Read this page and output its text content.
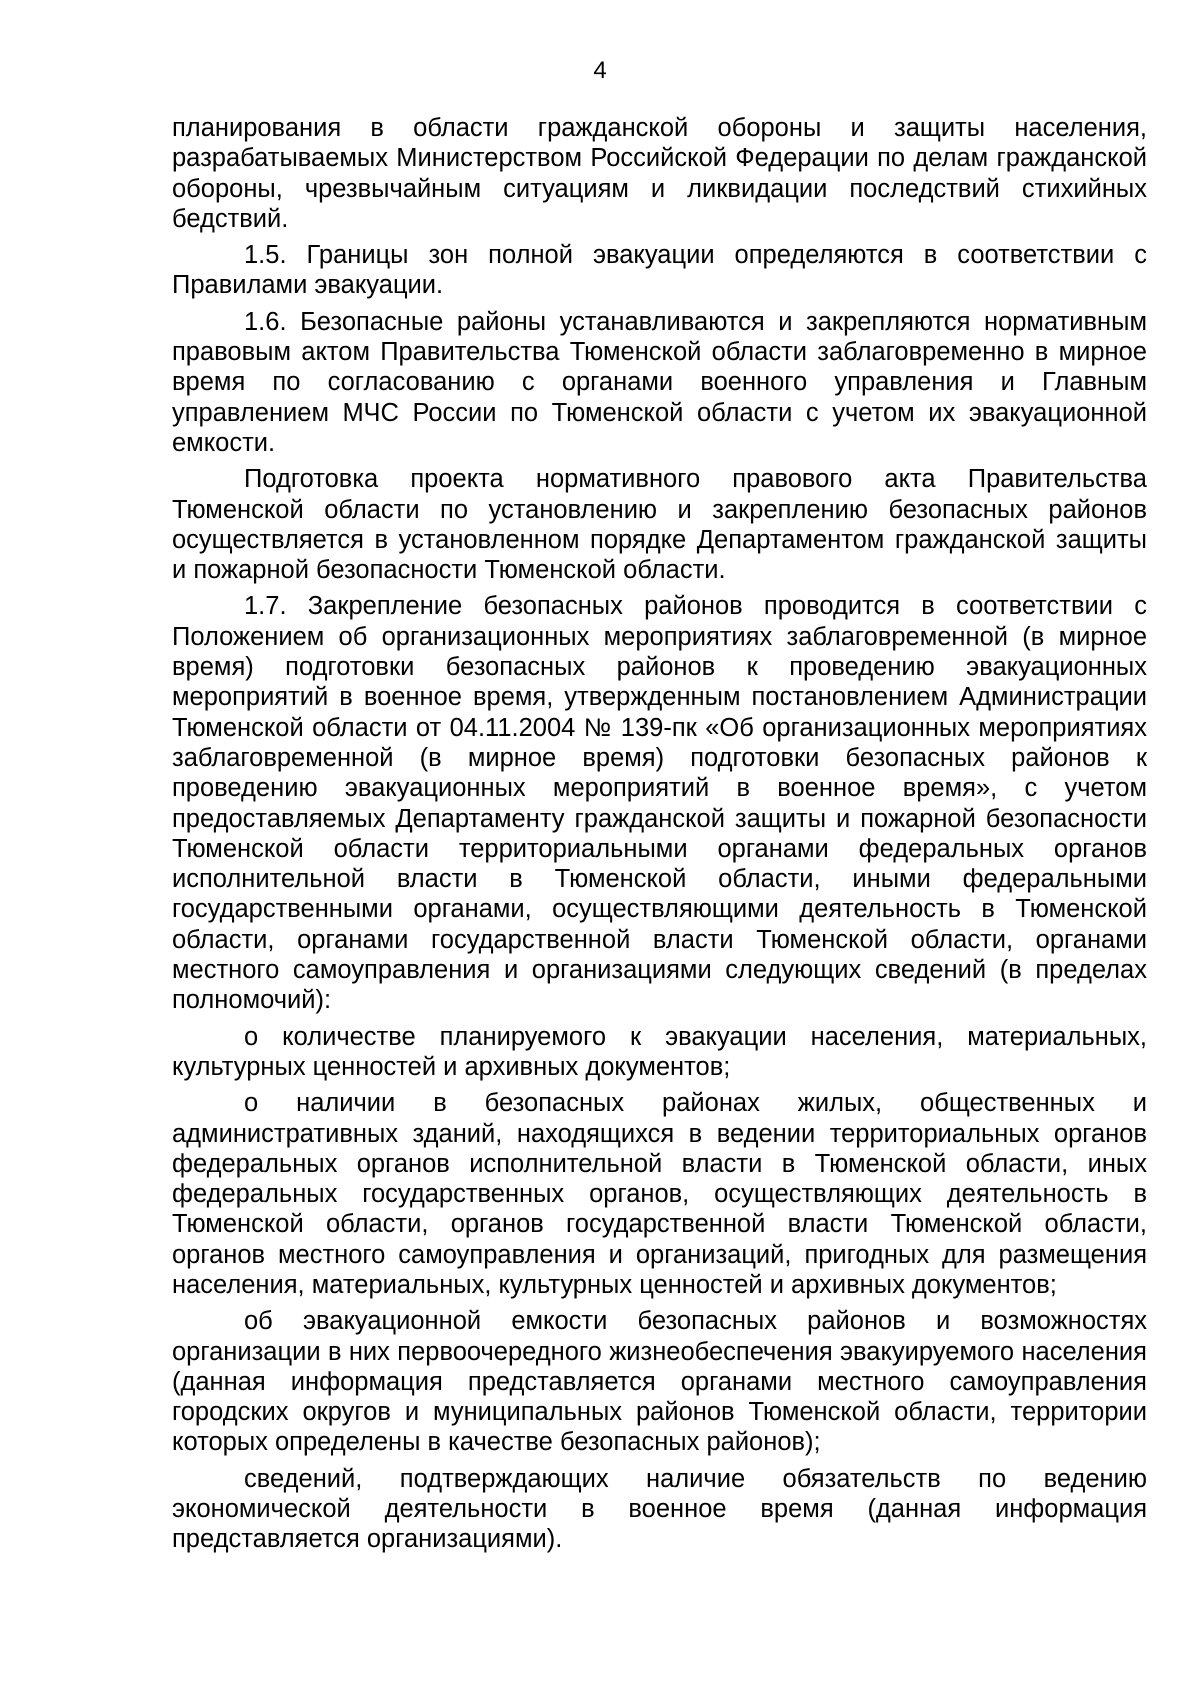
4

планирования в области гражданской обороны и защиты населения, разрабатываемых Министерством Российской Федерации по делам гражданской обороны, чрезвычайным ситуациям и ликвидации последствий стихийных бедствий.

1.5. Границы зон полной эвакуации определяются в соответствии с Правилами эвакуации.

1.6. Безопасные районы устанавливаются и закрепляются нормативным правовым актом Правительства Тюменской области заблаговременно в мирное время по согласованию с органами военного управления и Главным управлением МЧС России по Тюменской области с учетом их эвакуационной емкости.

Подготовка проекта нормативного правового акта Правительства Тюменской области по установлению и закреплению безопасных районов осуществляется в установленном порядке Департаментом гражданской защиты и пожарной безопасности Тюменской области.

1.7. Закрепление безопасных районов проводится в соответствии с Положением об организационных мероприятиях заблаговременной (в мирное время) подготовки безопасных районов к проведению эвакуационных мероприятий в военное время, утвержденным постановлением Администрации Тюменской области от 04.11.2004 № 139-пк «Об организационных мероприятиях заблаговременной (в мирное время) подготовки безопасных районов к проведению эвакуационных мероприятий в военное время», с учетом предоставляемых Департаменту гражданской защиты и пожарной безопасности Тюменской области территориальными органами федеральных органов исполнительной власти в Тюменской области, иными федеральными государственными органами, осуществляющими деятельность в Тюменской области, органами государственной власти Тюменской области, органами местного самоуправления и организациями следующих сведений (в пределах полномочий):

о количестве планируемого к эвакуации населения, материальных, культурных ценностей и архивных документов;

о наличии в безопасных районах жилых, общественных и административных зданий, находящихся в ведении территориальных органов федеральных органов исполнительной власти в Тюменской области, иных федеральных государственных органов, осуществляющих деятельность в Тюменской области, органов государственной власти Тюменской области, органов местного самоуправления и организаций, пригодных для размещения населения, материальных, культурных ценностей и архивных документов;

об эвакуационной емкости безопасных районов и возможностях организации в них первоочередного жизнеобеспечения эвакуируемого населения (данная информация представляется органами местного самоуправления городских округов и муниципальных районов Тюменской области, территории которых определены в качестве безопасных районов);

сведений, подтверждающих наличие обязательств по ведению экономической деятельности в военное время (данная информация представляется организациями).
